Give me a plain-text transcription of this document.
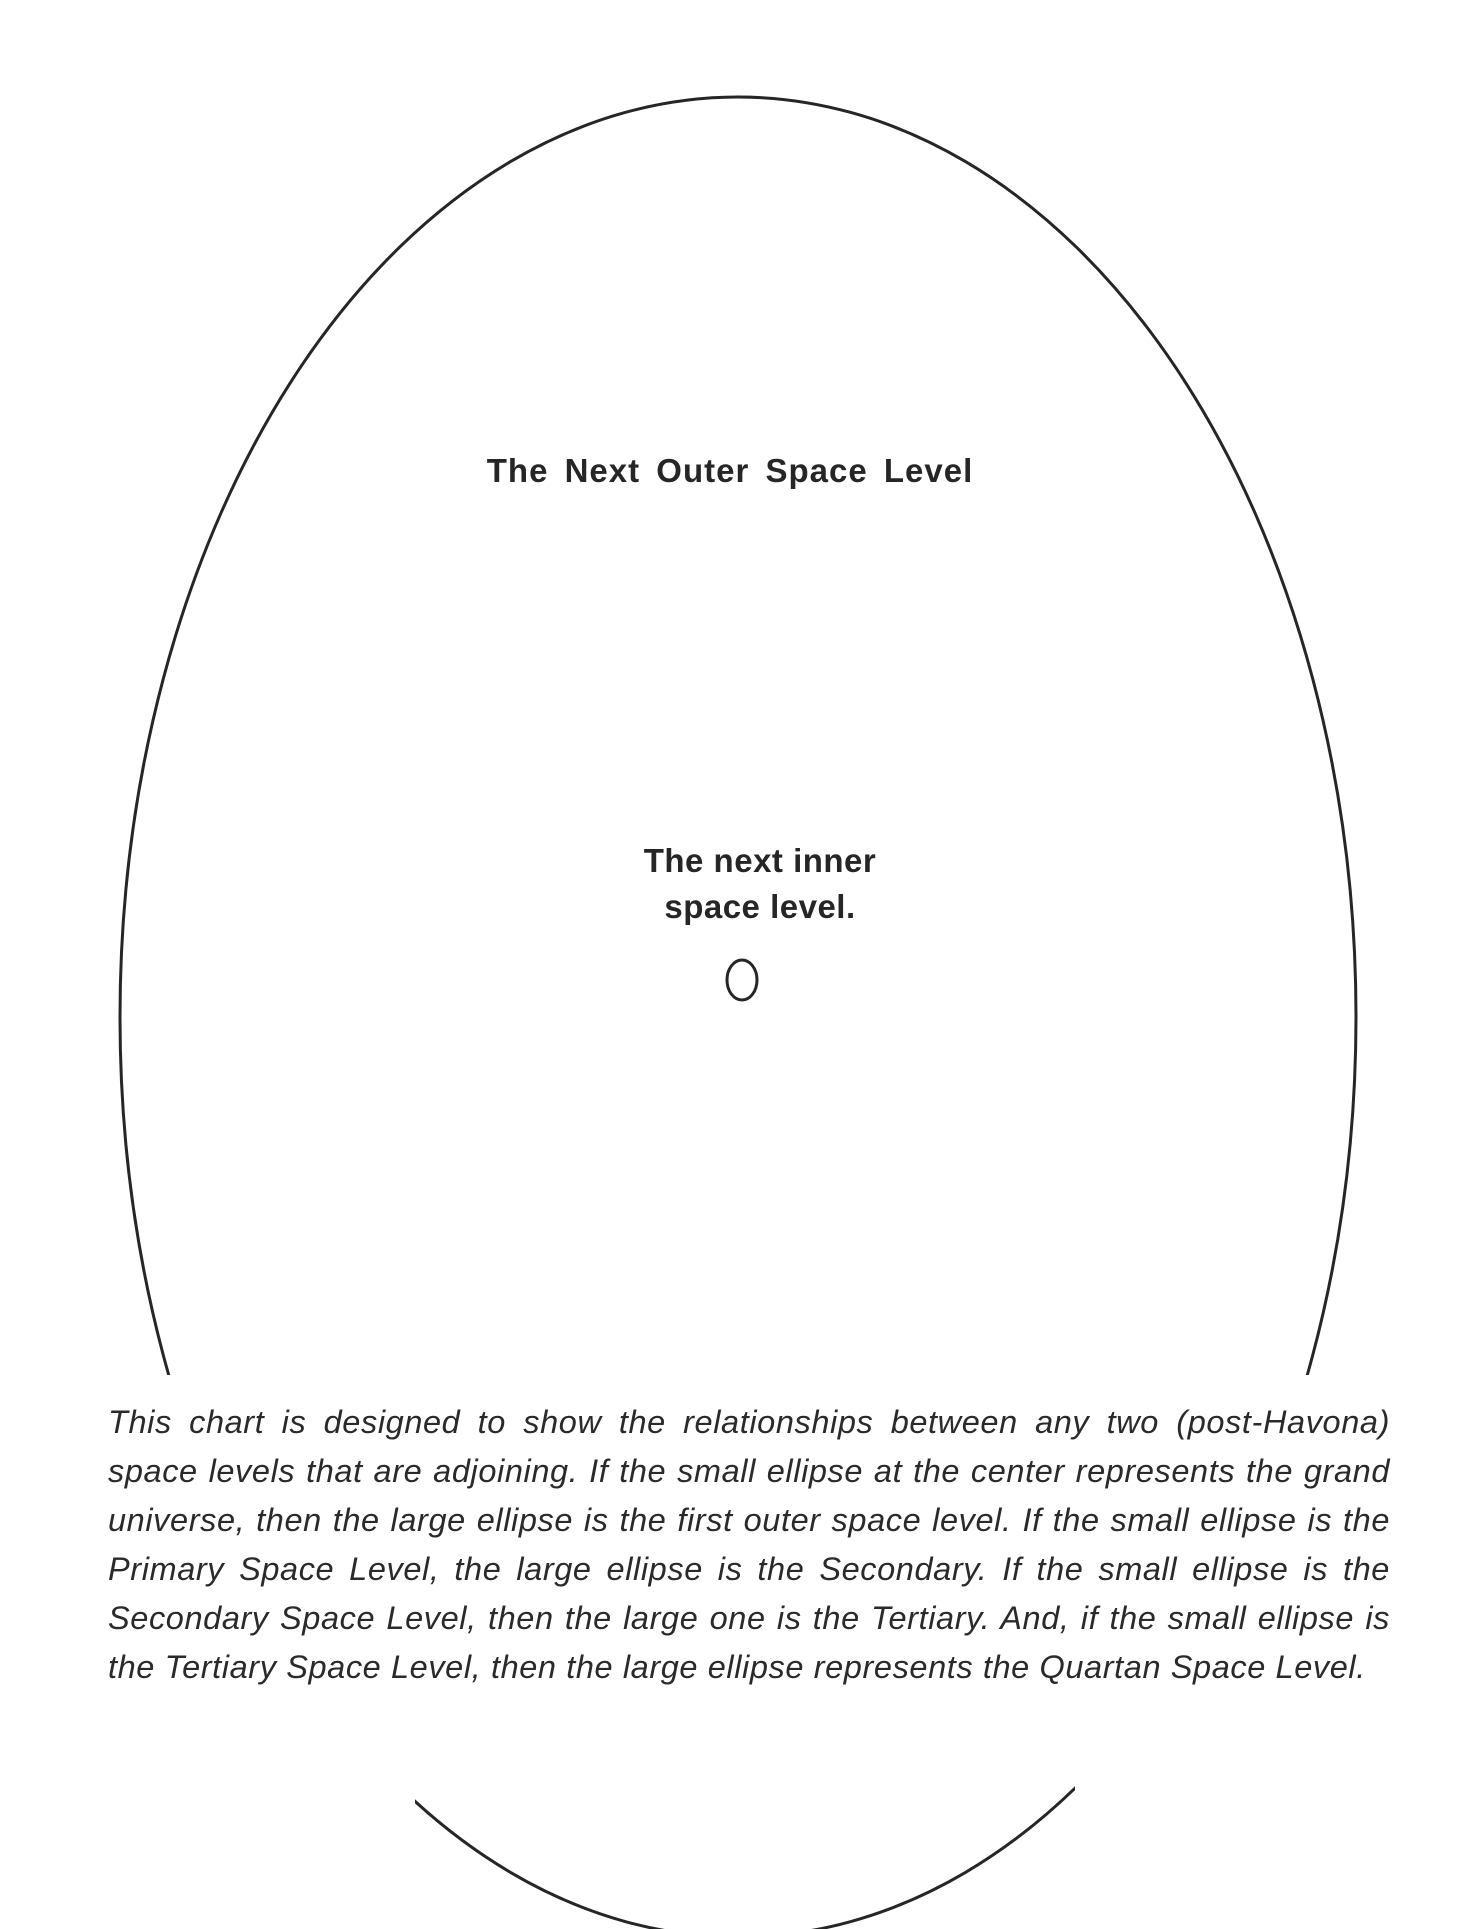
The Next Outer Space Level
The next inner
space level.
This chart is designed to show the relationships between any two (post-Havona) space levels that are adjoining. If the small ellipse at the center represents the grand universe, then the large ellipse is the first outer space level. If the small ellipse is the Primary Space Level, the large ellipse is the Secondary. If the small ellipse is the Secondary Space Level, then the large one is the Tertiary. And, if the small ellipse is the Tertiary Space Level, then the large ellipse represents the Quartan Space Level.
